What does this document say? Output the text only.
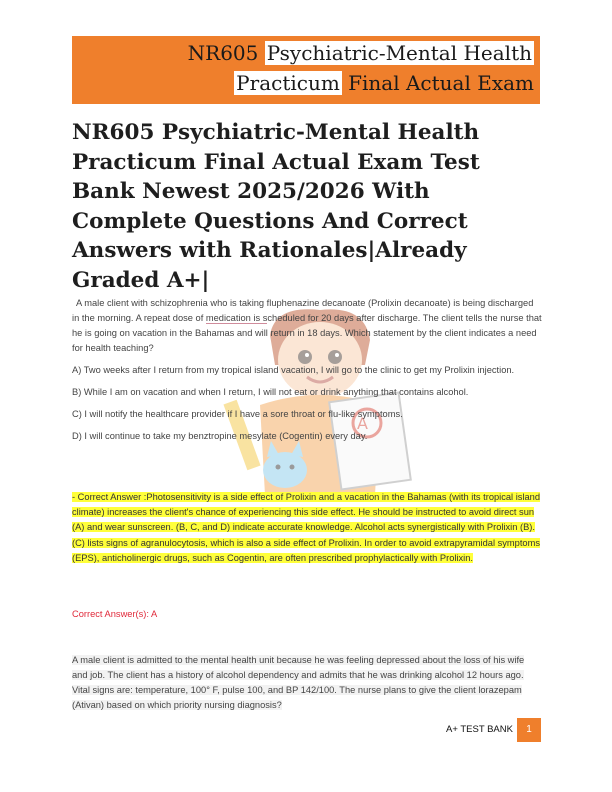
NR605 Psychiatric-Mental Health
Practicum Final Actual Exam
NR605 Psychiatric-Mental Health Practicum Final Actual Exam Test Bank Newest 2025/2026 With Complete Questions And Correct Answers with Rationales|Already Graded A+|
A

A male client with schizophrenia who is taking fluphenazine decanoate (Prolixin decanoate) is being discharged in the morning. A repeat dose of medication is scheduled for 20 days after discharge. The client tells the nurse that he is going on vacation in the Bahamas and will return in 18 days. Which statement by the client indicates a need for health teaching?

A) Two weeks after I return from my tropical island vacation, I will go to the clinic to get my Prolixin injection.

B) While I am on vacation and when I return, I will not eat or drink anything that contains alcohol.

C) I will notify the healthcare provider if I have a sore throat or flu-like symptoms.

D) I will continue to take my benztropine mesylate (Cogentin) every day.

- Correct Answer :Photosensitivity is a side effect of Prolixin and a vacation in the Bahamas (with its tropical island climate) increases the client's chance of experiencing this side effect. He should be instructed to avoid direct sun (A) and wear sunscreen. (B, C, and D) indicate accurate knowledge. Alcohol acts synergistically with Prolixin (B). (C) lists signs of agranulocytosis, which is also a side effect of Prolixin. In order to avoid extrapyramidal symptoms (EPS), anticholinergic drugs, such as Cogentin, are often prescribed prophylactically with Prolixin.
Correct Answer(s): A
A male client is admitted to the mental health unit because he was feeling depressed about the loss of his wife and job. The client has a history of alcohol dependency and admits that he was drinking alcohol 12 hours ago. Vital signs are: temperature, 100° F, pulse 100, and BP 142/100. The nurse plans to give the client lorazepam (Ativan) based on which priority nursing diagnosis?
A+ TEST BANK	1
